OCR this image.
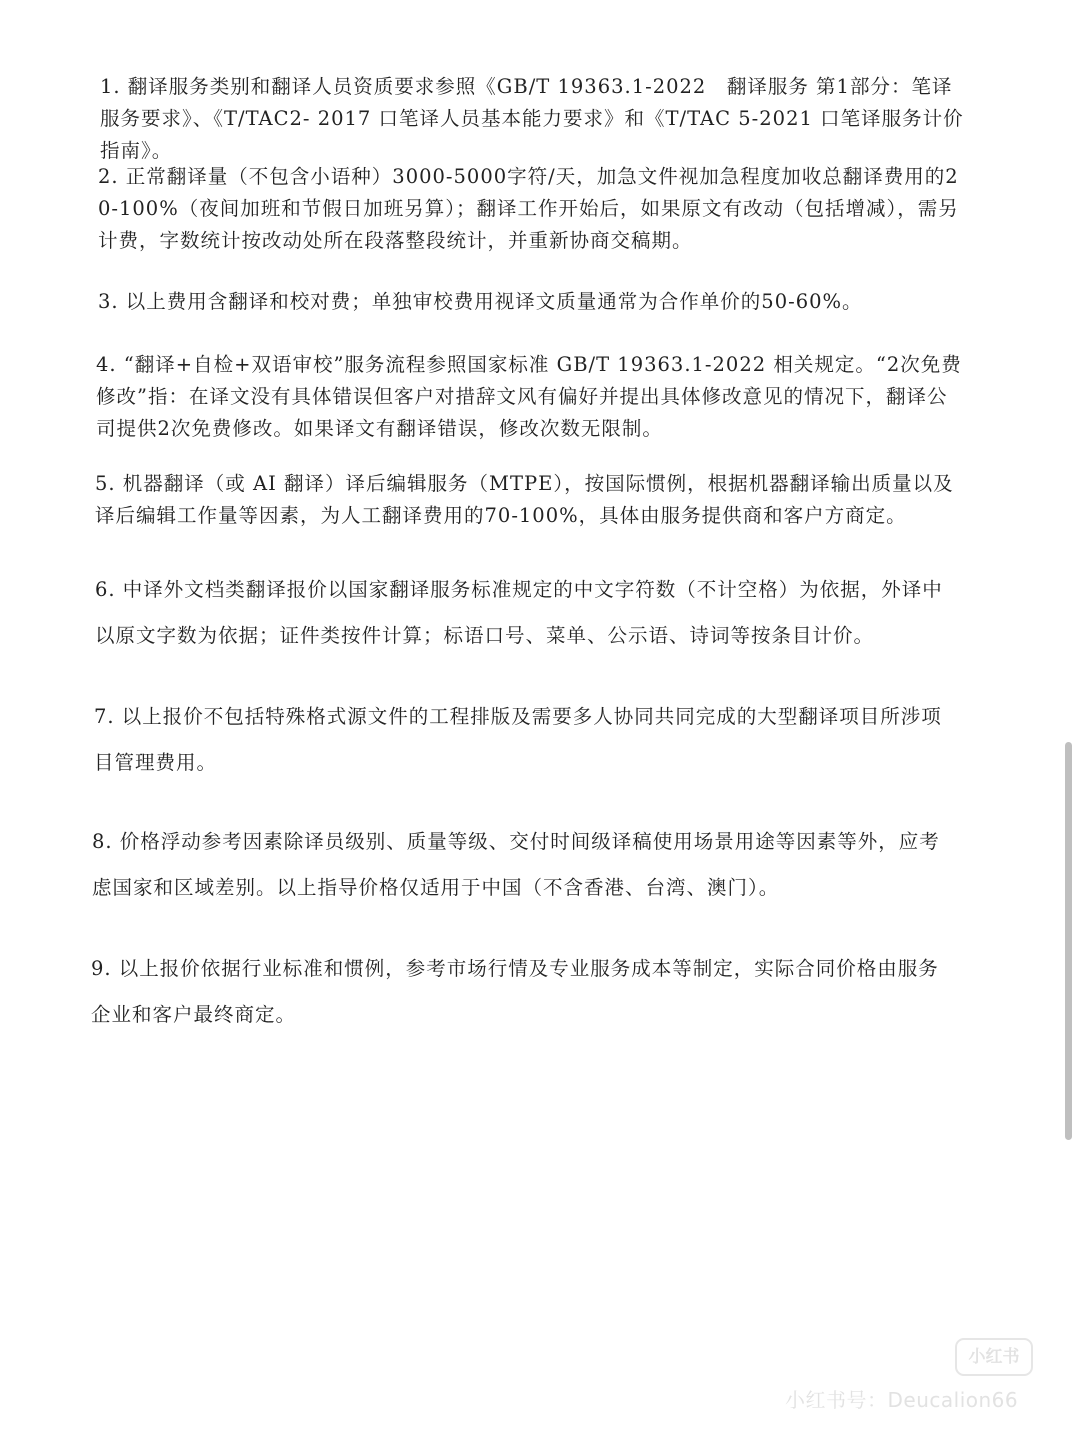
1. 翻译服务类别和翻译人员资质要求参照《GB/T 19363.1-2022　翻译服务 第1部分：笔译服务要求》、《T/TAC2- 2017 口笔译人员基本能力要求》和《T/TAC 5-2021 口笔译服务计价指南》。

2. 正常翻译量（不包含小语种）3000-5000字符/天，加急文件视加急程度加收总翻译费用的20-100%（夜间加班和节假日加班另算）；翻译工作开始后，如果原文有改动（包括增减），需另计费，字数统计按改动处所在段落整段统计，并重新协商交稿期。

3. 以上费用含翻译和校对费；单独审校费用视译文质量通常为合作单价的50-60%。

4. “翻译+自检+双语审校”服务流程参照国家标准 GB/T 19363.1-2022 相关规定。“2次免费修改”指：在译文没有具体错误但客户对措辞文风有偏好并提出具体修改意见的情况下，翻译公司提供2次免费修改。如果译文有翻译错误，修改次数无限制。

5. 机器翻译（或 AI 翻译）译后编辑服务（MTPE），按国际惯例，根据机器翻译输出质量以及译后编辑工作量等因素，为人工翻译费用的70-100%，具体由服务提供商和客户方商定。

6. 中译外文档类翻译报价以国家翻译服务标准规定的中文字符数（不计空格）为依据，外译中以原文字数为依据；证件类按件计算；标语口号、菜单、公示语、诗词等按条目计价。

7. 以上报价不包括特殊格式源文件的工程排版及需要多人协同共同完成的大型翻译项目所涉项目管理费用。

8. 价格浮动参考因素除译员级别、质量等级、交付时间级译稿使用场景用途等因素等外，应考虑国家和区域差别。以上指导价格仅适用于中国（不含香港、台湾、澳门）。

9. 以上报价依据行业标准和惯例，参考市场行情及专业服务成本等制定，实际合同价格由服务企业和客户最终商定。

小红书
小红书号：Deucalion66
